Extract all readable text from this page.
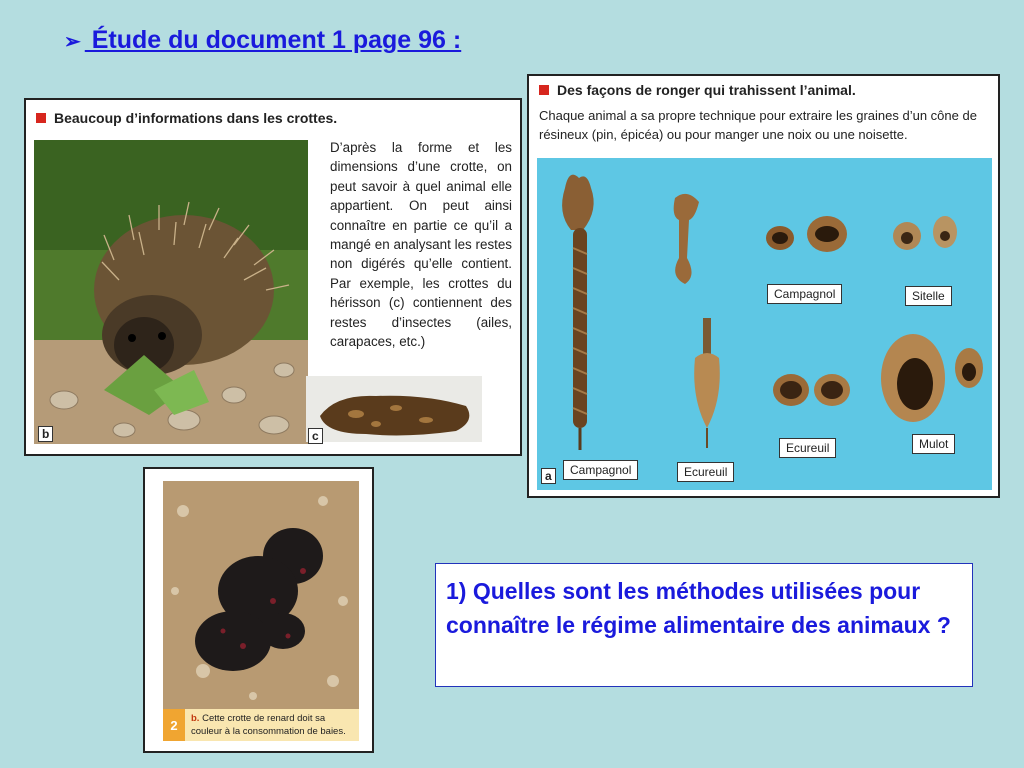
➢ Étude du document 1 page 96 :
Beaucoup d’informations dans les crottes.
b
D’après la forme et les dimensions d’une crotte, on peut savoir à quel animal elle appartient. On peut ainsi connaître en partie ce qu’il a mangé en analysant les restes non digérés qu’elle contient. Par exemple, les crottes du hérisson (c) contiennent des restes d’insectes (ailes, carapaces, etc.)
c
Des façons de ronger qui trahissent l’animal.
Chaque animal a sa propre technique pour extraire les graines d’un cône de résineux (pin, épicéa) ou pour manger une noix ou une noisette.
Campagnol	Sitelle
Ecureuil	Mulot
Campagnol	Ecureuil
a
2	b. Cette crotte de renard doit sa couleur à la consommation de baies.
1) Quelles sont les méthodes utilisées pour connaître le régime alimentaire des animaux ?
